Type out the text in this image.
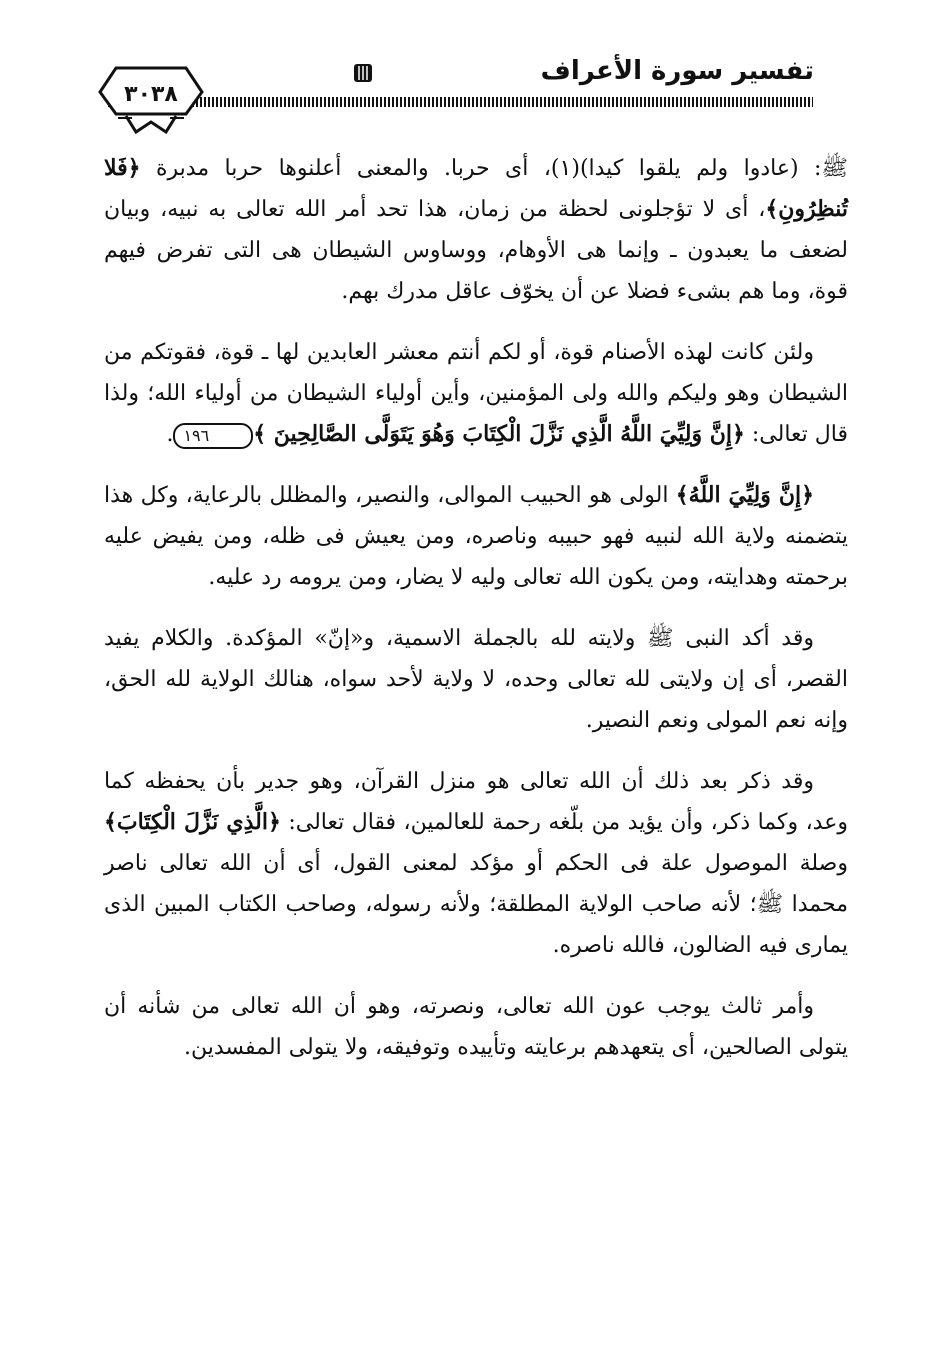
تفسير سورة الأعراف
٣٠٣٨

ﷺ: (عادوا ولم يلقوا كيدا)(١)، أى حربا. والمعنى أعلنوها حربا مدبرة ﴿فَلا تُنظِرُونِ﴾، أى لا تؤجلونى لحظة من زمان، هذا تحد أمر الله تعالى به نبيه، وبيان لضعف ما يعبدون ـ وإنما هى الأوهام، ووساوس الشيطان هى التى تفرض فيهم قوة، وما هم بشىء فضلا عن أن يخوّف عاقل مدرك بهم.

ولئن كانت لهذه الأصنام قوة، أو لكم أنتم معشر العابدين لها ـ قوة، فقوتكم من الشيطان وهو وليكم والله ولى المؤمنين، وأين أولياء الشيطان من أولياء الله؛ ولذا قال تعالى: ﴿إِنَّ وَلِيِّيَ اللَّهُ الَّذِي نَزَّلَ الْكِتَابَ وَهُوَ يَتَوَلَّى الصَّالِحِينَ ﴾١٩٦.

﴿إِنَّ وَلِيِّيَ اللَّهُ﴾ الولى هو الحبيب الموالى، والنصير، والمظلل بالرعاية، وكل هذا يتضمنه ولاية الله لنبيه فهو حبيبه وناصره، ومن يعيش فى ظله، ومن يفيض عليه برحمته وهدايته، ومن يكون الله تعالى وليه لا يضار، ومن يرومه رد عليه.

وقد أكد النبى ﷺ ولايته لله بالجملة الاسمية، و«إنّ» المؤكدة. والكلام يفيد القصر، أى إن ولايتى لله تعالى وحده، لا ولاية لأحد سواه، هنالك الولاية لله الحق، وإنه نعم المولى ونعم النصير.

وقد ذكر بعد ذلك أن الله تعالى هو منزل القرآن، وهو جدير بأن يحفظه كما وعد، وكما ذكر، وأن يؤيد من بلّغه رحمة للعالمين، فقال تعالى: ﴿الَّذِي نَزَّلَ الْكِتَابَ﴾ وصلة الموصول علة فى الحكم أو مؤكد لمعنى القول، أى أن الله تعالى ناصر محمدا ﷺ؛ لأنه صاحب الولاية المطلقة؛ ولأنه رسوله، وصاحب الكتاب المبين الذى يمارى فيه الضالون، فالله ناصره.

وأمر ثالث يوجب عون الله تعالى، ونصرته، وهو أن الله تعالى من شأنه أن يتولى الصالحين، أى يتعهدهم برعايته وتأييده وتوفيقه، ولا يتولى المفسدين.
